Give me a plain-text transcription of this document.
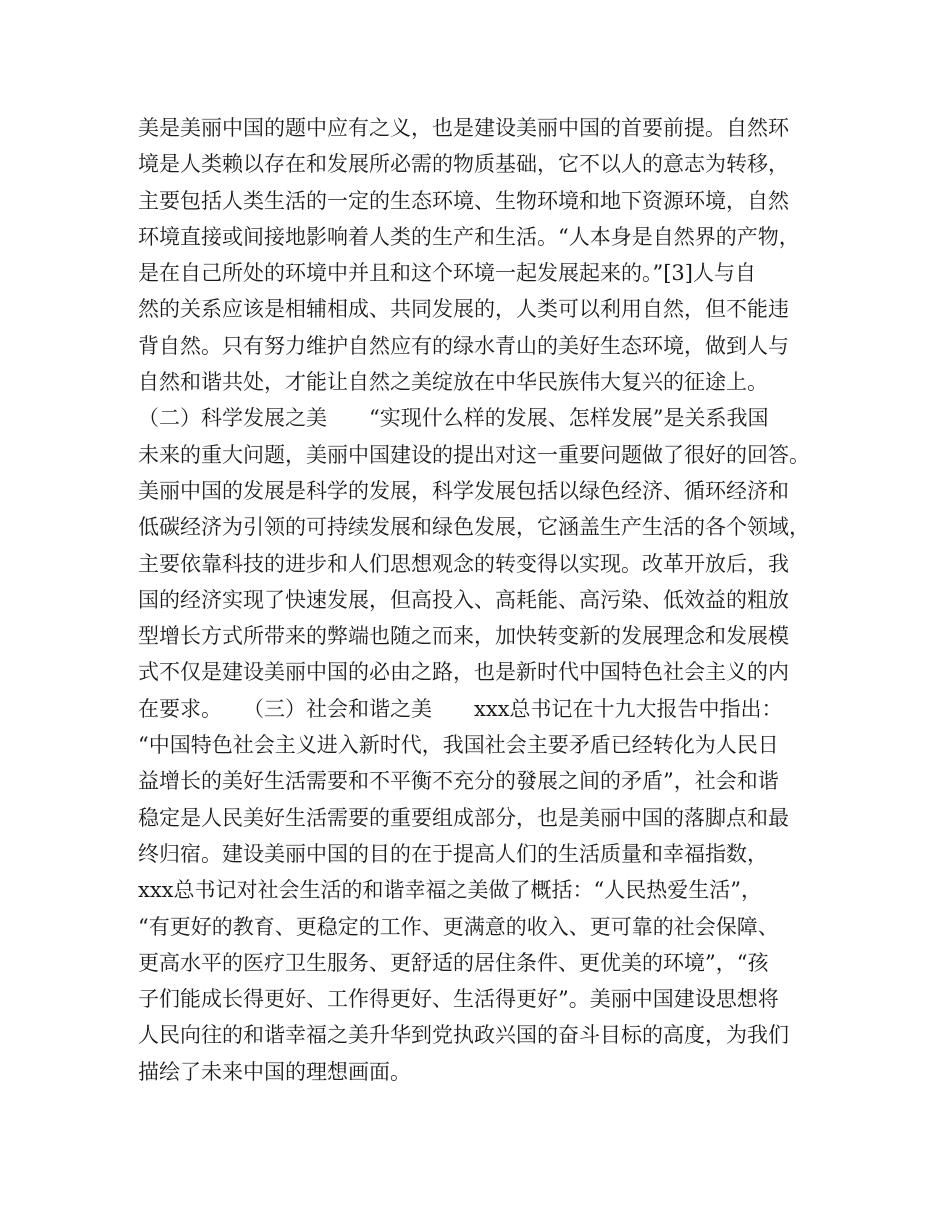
美是美丽中国的题中应有之义，也是建设美丽中国的首要前提。自然环
境是人类赖以存在和发展所必需的物质基础，它不以人的意志为转移，
主要包括人类生活的一定的生态环境、生物环境和地下资源环境，自然
环境直接或间接地影响着人类的生产和生活。“人本身是自然界的产物，
是在自己所处的环境中并且和这个环境一起发展起来的。”[3]人与自
然的关系应该是相辅相成、共同发展的，人类可以利用自然，但不能违
背自然。只有努力维护自然应有的绿水青山的美好生态环境，做到人与
自然和谐共处，才能让自然之美绽放在中华民族伟大复兴的征途上。
（二）科学发展之美　　“实现什么样的发展、怎样发展”是关系我国
未来的重大问题，美丽中国建设的提出对这一重要问题做了很好的回答。
美丽中国的发展是科学的发展，科学发展包括以绿色经济、循环经济和
低碳经济为引领的可持续发展和绿色发展，它涵盖生产生活的各个领域，
主要依靠科技的进步和人们思想观念的转变得以实现。改革开放后，我
国的经济实现了快速发展，但高投入、高耗能、高污染、低效益的粗放
型增长方式所带来的弊端也随之而来，加快转变新的发展理念和发展模
式不仅是建设美丽中国的必由之路，也是新时代中国特色社会主义的内
在要求。　　（三）社会和谐之美　　xxx总书记在十九大报告中指出：
“中国特色社会主义进入新时代，我国社会主要矛盾已经转化为人民日
益增长的美好生活需要和不平衡不充分的發展之间的矛盾”，社会和谐
稳定是人民美好生活需要的重要组成部分，也是美丽中国的落脚点和最
终归宿。建设美丽中国的目的在于提高人们的生活质量和幸福指数，
xxx总书记对社会生活的和谐幸福之美做了概括：“人民热爱生活”，
“有更好的教育、更稳定的工作、更满意的收入、更可靠的社会保障、
更高水平的医疗卫生服务、更舒适的居住条件、更优美的环境”，“孩
子们能成长得更好、工作得更好、生活得更好”。美丽中国建设思想将
人民向往的和谐幸福之美升华到党执政兴国的奋斗目标的高度，为我们
描绘了未来中国的理想画面。
